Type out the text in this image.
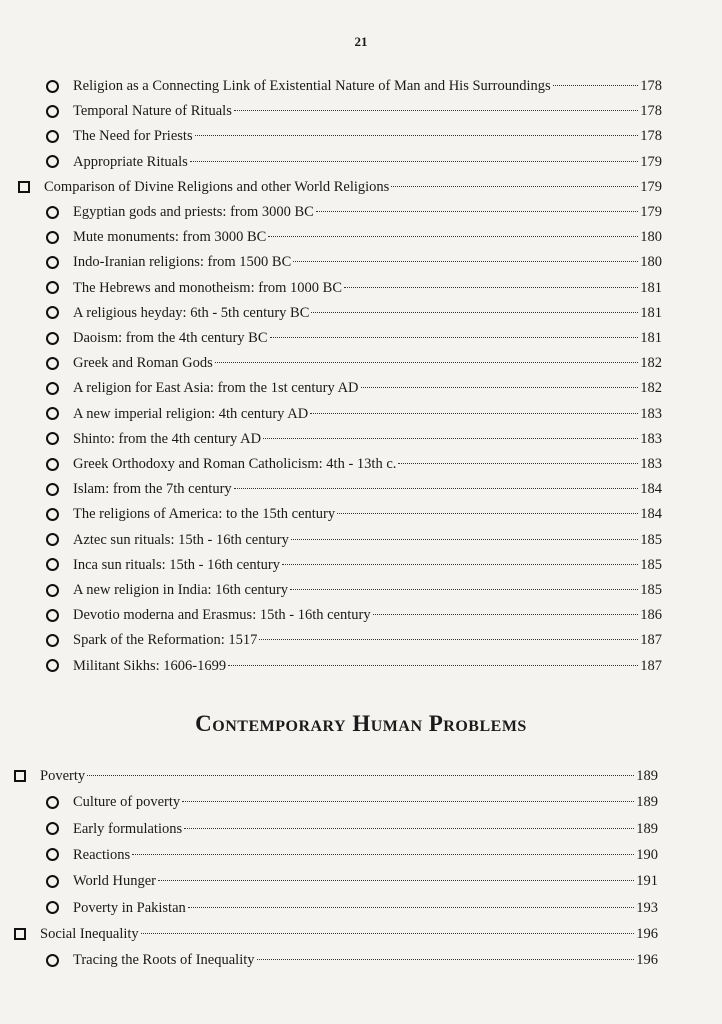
21
Religion as a Connecting Link of Existential Nature of Man and His Surroundings	178
Temporal Nature of Rituals	178
The Need for Priests	178
Appropriate Rituals	179
Comparison of Divine Religions and other World Religions	179
Egyptian gods and priests: from 3000 BC	179
Mute monuments: from 3000 BC	180
Indo-Iranian religions: from 1500 BC	180
The Hebrews and monotheism: from 1000 BC	181
A religious heyday: 6th - 5th century BC	181
Daoism: from the 4th century BC	181
Greek and Roman Gods	182
A religion for East Asia: from the 1st century AD	182
A new imperial religion: 4th century AD	183
Shinto: from the 4th century AD	183
Greek Orthodoxy and Roman Catholicism: 4th - 13th c.	183
Islam: from the 7th century	184
The religions of America: to the 15th century	184
Aztec sun rituals: 15th - 16th century	185
Inca sun rituals: 15th - 16th century	185
A new religion in India: 16th century	185
Devotio moderna and Erasmus: 15th - 16th century	186
Spark of the Reformation: 1517	187
Militant Sikhs: 1606-1699	187
Contemporary Human Problems
Poverty	189
Culture of poverty	189
Early formulations	189
Reactions	190
World Hunger	191
Poverty in Pakistan	193
Social Inequality	196
Tracing the Roots of Inequality	196
